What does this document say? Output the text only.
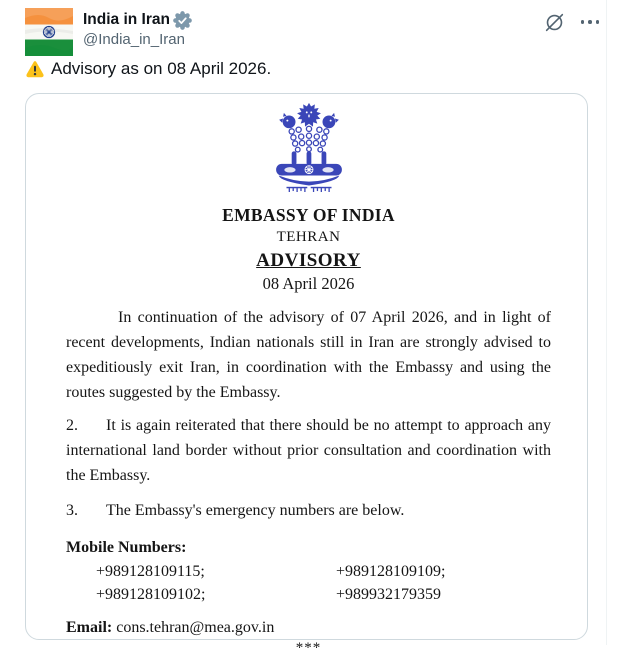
India in Iran
@India_in_Iran
Advisory as on 08 April 2026.
EMBASSY OF INDIA
TEHRAN
ADVISORY
08 April 2026

In continuation of the advisory of 07 April 2026, and in light of recent developments, Indian nationals still in Iran are strongly advised to expeditiously exit Iran, in coordination with the Embassy and using the routes suggested by the Embassy.

2. It is again reiterated that there should be no attempt to approach any international land border without prior consultation and coordination with the Embassy.

3. The Embassy's emergency numbers are below.

Mobile Numbers:
+989128109115;	+989128109109;
+989128109102;	+989932179359
Email: cons.tehran@mea.gov.in
***
